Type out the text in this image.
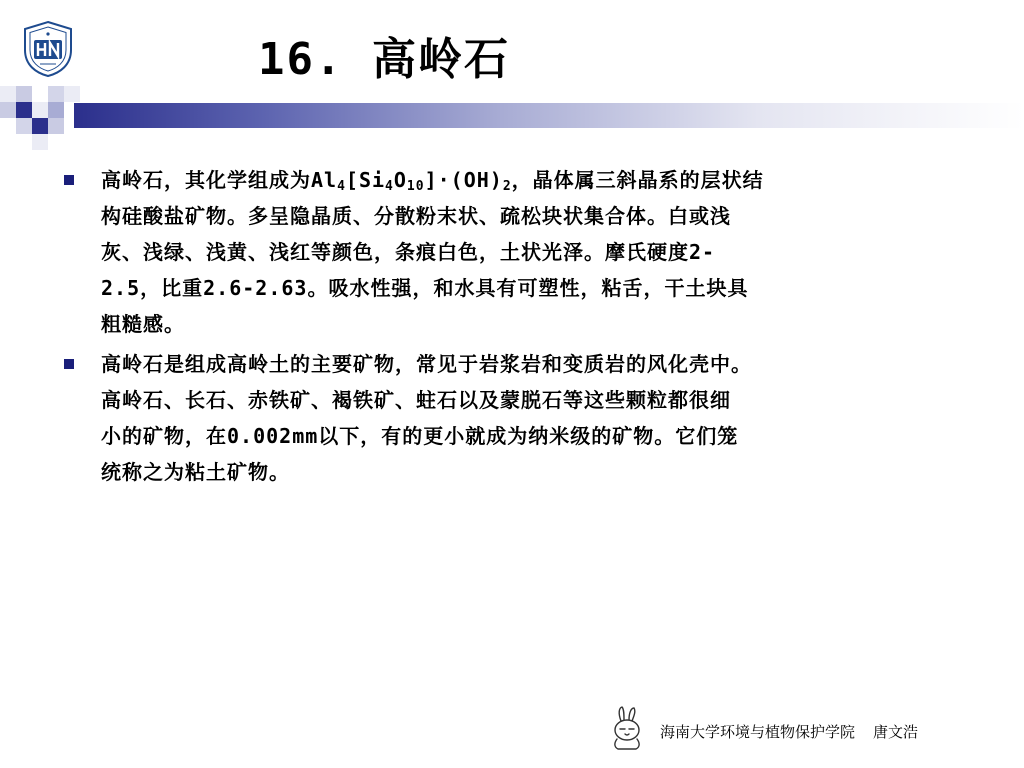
16. 高岭石
高岭石，其化学组成为$Al_4[Si_4O_{10}]\cdot(OH)_2$，晶体属三斜晶系的层状结
构硅酸盐矿物。多呈隐晶质、分散粉末状、疏松块状集合体。白或浅
灰、浅绿、浅黄、浅红等颜色，条痕白色，土状光泽。摩氏硬度2-
2.5，比重2.6-2.63。吸水性强，和水具有可塑性，粘舌，干土块具
粗糙感。
高岭石是组成高岭土的主要矿物，常见于岩浆岩和变质岩的风化壳中。
高岭石、长石、赤铁矿、褐铁矿、蛀石以及蒙脱石等这些颗粒都很细
小的矿物，在0.002mm以下，有的更小就成为纳米级的矿物。它们笼
统称之为粘土矿物。
海南大学环境与植物保护学院 唐文浩
